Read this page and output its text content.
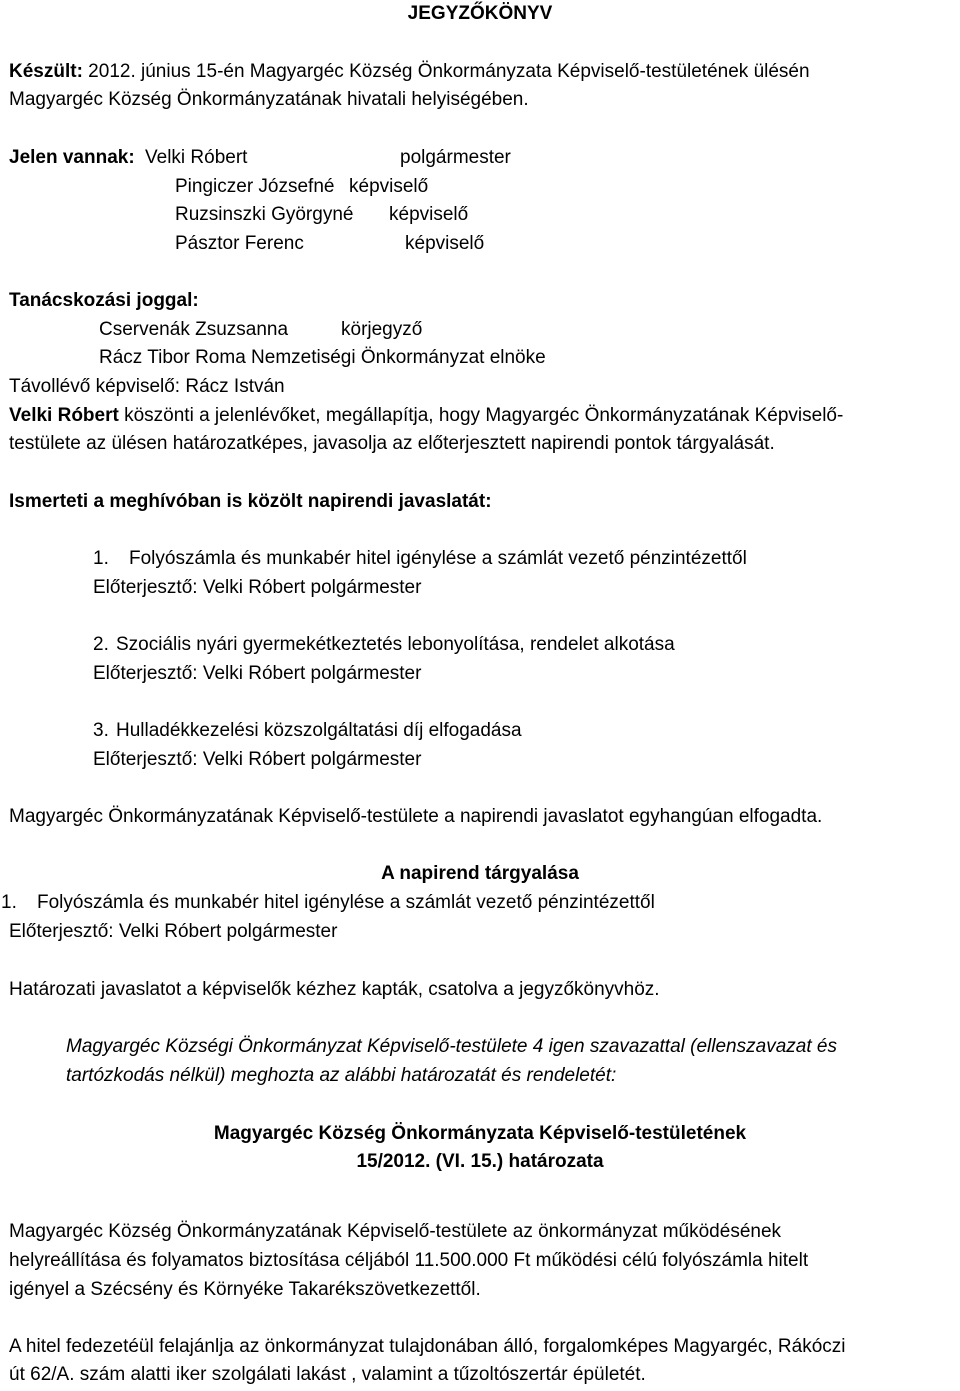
JEGYZŐKÖNYV
Készült: 2012. június 15-én Magyargéc Község Önkormányzata Képviselő-testületének ülésén
Magyargéc Község Önkormányzatának hivatali helyiségében.
Jelen vannak: Velki Róbert	polgármester
Pingiczer Józsefné képviselő
Ruzsinszki Györgyné képviselő
Pásztor Ferenc	képviselő
Tanácskozási joggal:
Cservenák Zsuzsanna	körjegyző
Rácz Tibor Roma Nemzetiségi Önkormányzat elnöke
Távollévő képviselő: Rácz István
Velki Róbert köszönti a jelenlévőket, megállapítja, hogy Magyargéc Önkormányzatának Képviselő-
testülete az ülésen határozatképes, javasolja az előterjesztett napirendi pontok tárgyalását.
Ismerteti a meghívóban is közölt napirendi javaslatát:
1. Folyószámla és munkabér hitel igénylése a számlát vezető pénzintézettől
Előterjesztő: Velki Róbert polgármester
2. Szociális nyári gyermekétkeztetés lebonyolítása, rendelet alkotása
Előterjesztő: Velki Róbert polgármester
3. Hulladékkezelési közszolgáltatási díj elfogadása
Előterjesztő: Velki Róbert polgármester
Magyargéc Önkormányzatának Képviselő-testülete a napirendi javaslatot egyhangúan elfogadta.
A napirend tárgyalása
1. Folyószámla és munkabér hitel igénylése a számlát vezető pénzintézettől
Előterjesztő: Velki Róbert polgármester
Határozati javaslatot a képviselők kézhez kapták, csatolva a jegyzőkönyvhöz.
Magyargéc Községi Önkormányzat Képviselő-testülete 4 igen szavazattal (ellenszavazat és
tartózkodás nélkül) meghozta az alábbi határozatát és rendeletét:
Magyargéc Község Önkormányzata Képviselő-testületének
15/2012. (VI. 15.) határozata
Magyargéc Község Önkormányzatának Képviselő-testülete az önkormányzat működésének
helyreállítása és folyamatos biztosítása céljából 11.500.000 Ft működési célú folyószámla hitelt
igényel a Szécsény és Környéke Takarékszövetkezettől.
A hitel fedezetéül felajánlja az önkormányzat tulajdonában álló, forgalomképes Magyargéc, Rákóczi
út 62/A. szám alatti iker szolgálati lakást , valamint a tűzoltószertár épületét.
